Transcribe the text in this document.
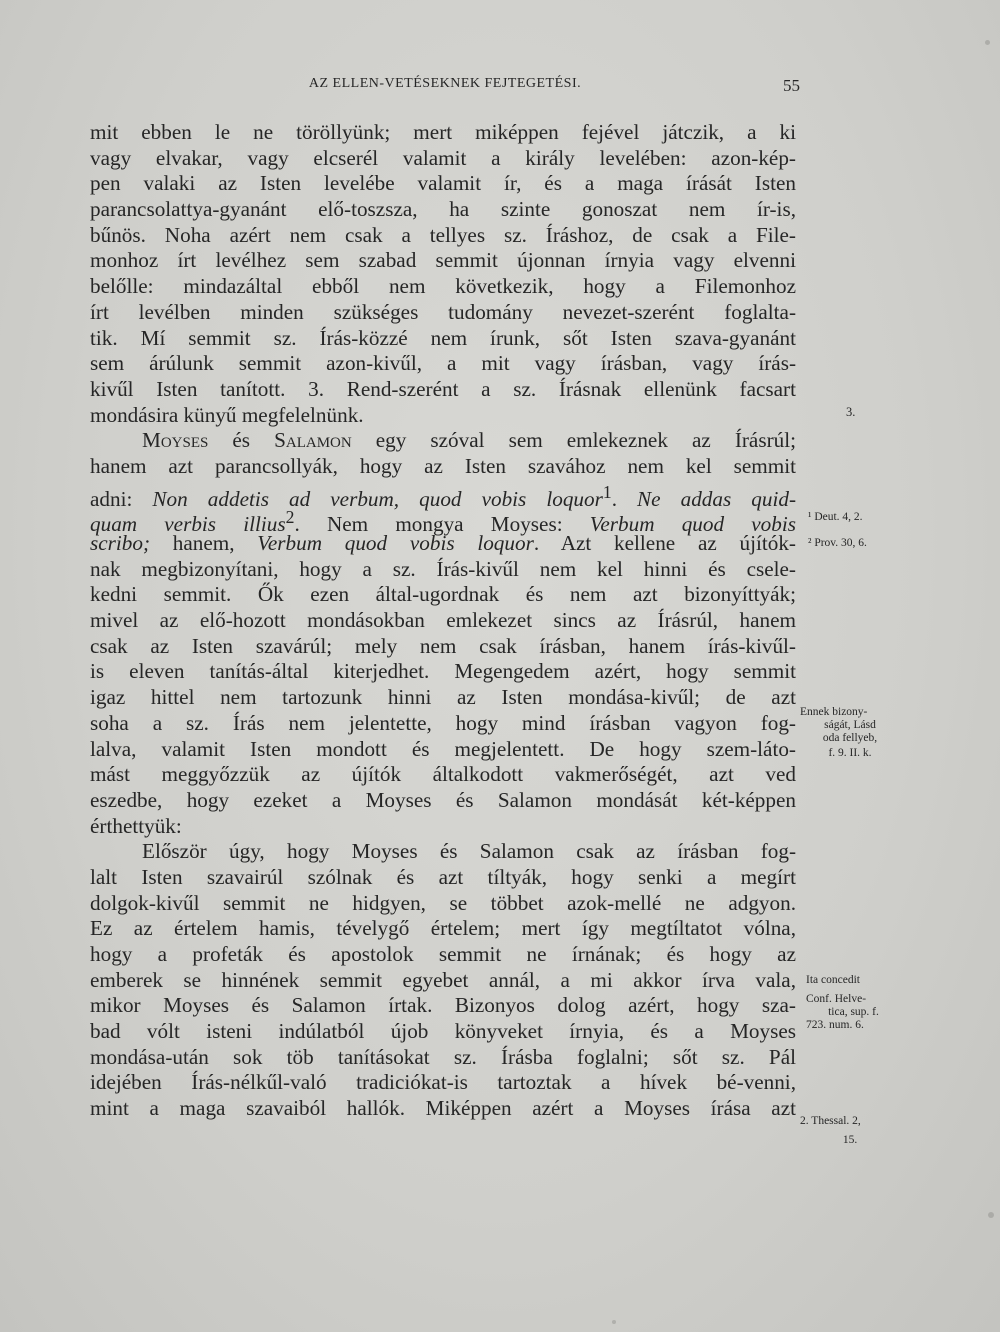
AZ ELLEN-VETÉSEKNEK FEJTEGETÉSI.	55
mit ebben le ne töröllyünk; mert miképpen fejével játczik, a ki
vagy elvakar, vagy elcserél valamit a király levelében: azon-kép-
pen valaki az Isten levelébe valamit ír, és a maga írását Isten
parancsolattya-gyanánt elő-toszsza, ha szinte gonoszat nem ír-is,
bűnös. Noha azért nem csak a tellyes sz. Íráshoz, de csak a File-
monhoz írt levélhez sem szabad semmit újonnan írnyia vagy elvenni
belőlle: mindazáltal ebből nem következik, hogy a Filemonhoz
írt levélben minden szükséges tudomány nevezet-szerént foglalta-
tik. Mí semmit sz. Írás-közzé nem írunk, sőt Isten szava-gyanánt
sem árúlunk semmit azon-kivűl, a mit vagy írásban, vagy írás-
kivűl Isten tanított. 3. Rend-szerént a sz. Írásnak ellenünk facsart
mondásira künyű megfelelnünk.
Moyses és Salamon egy szóval sem emlekeznek az Írásrúl;
hanem azt parancsollyák, hogy az Isten szavához nem kel semmit
adni: Non addetis ad verbum, quod vobis loquor$^1$. Ne addas quid-
quam verbis illius$^2$. Nem mongya Moyses: Verbum quod vobis
scribo; hanem, Verbum quod vobis loquor. Azt kellene az újítók-
nak megbizonyítani, hogy a sz. Írás-kivűl nem kel hinni és csele-
kedni semmit. Ők ezen által-ugordnak és nem azt bizonyíttyák;
mivel az elő-hozott mondásokban emlekezet sincs az Írásrúl, hanem
csak az Isten szavárúl; mely nem csak írásban, hanem írás-kivűl-
is eleven tanítás-által kiterjedhet. Megengedem azért, hogy semmit
igaz hittel nem tartozunk hinni az Isten mondása-kivűl; de azt
soha a sz. Írás nem jelentette, hogy mind írásban vagyon fog-
lalva, valamit Isten mondott és megjelentett. De hogy szem-láto-
mást meggyőzzük az újítók általkodott vakmerőségét, azt ved
eszedbe, hogy ezeket a Moyses és Salamon mondását két-képpen
érthettyük:
Először úgy, hogy Moyses és Salamon csak az írásban fog-
lalt Isten szavairúl szólnak és azt tíltyák, hogy senki a megírt
dolgok-kivűl semmit ne hidgyen, se többet azok-mellé ne adgyon.
Ez az értelem hamis, tévelygő értelem; mert így megtíltatot vólna,
hogy a profeták és apostolok semmit ne írnának; és hogy az
emberek se hinnének semmit egyebet annál, a mi akkor írva vala,
mikor Moyses és Salamon írtak. Bizonyos dolog azért, hogy sza-
bad vólt isteni indúlatból újob könyveket írnyia, és a Moyses
mondása-után sok töb tanításokat sz. Írásba foglalni; sőt sz. Pál
idejében Írás-nélkűl-való tradiciókat-is tartoztak a hívek bé-venni,
mint a maga szavaiból hallók. Miképpen azért a Moyses írása azt
3.
¹ Deut. 4, 2.
² Prov. 30, 6.
Ennek bizony-
ságát, Lásd
oda fellyeb,
f. 9. II. k.
Ita concedit
Conf. Helve-
tica, sup. f.
723. num. 6.
2. Thessal. 2,
15.
